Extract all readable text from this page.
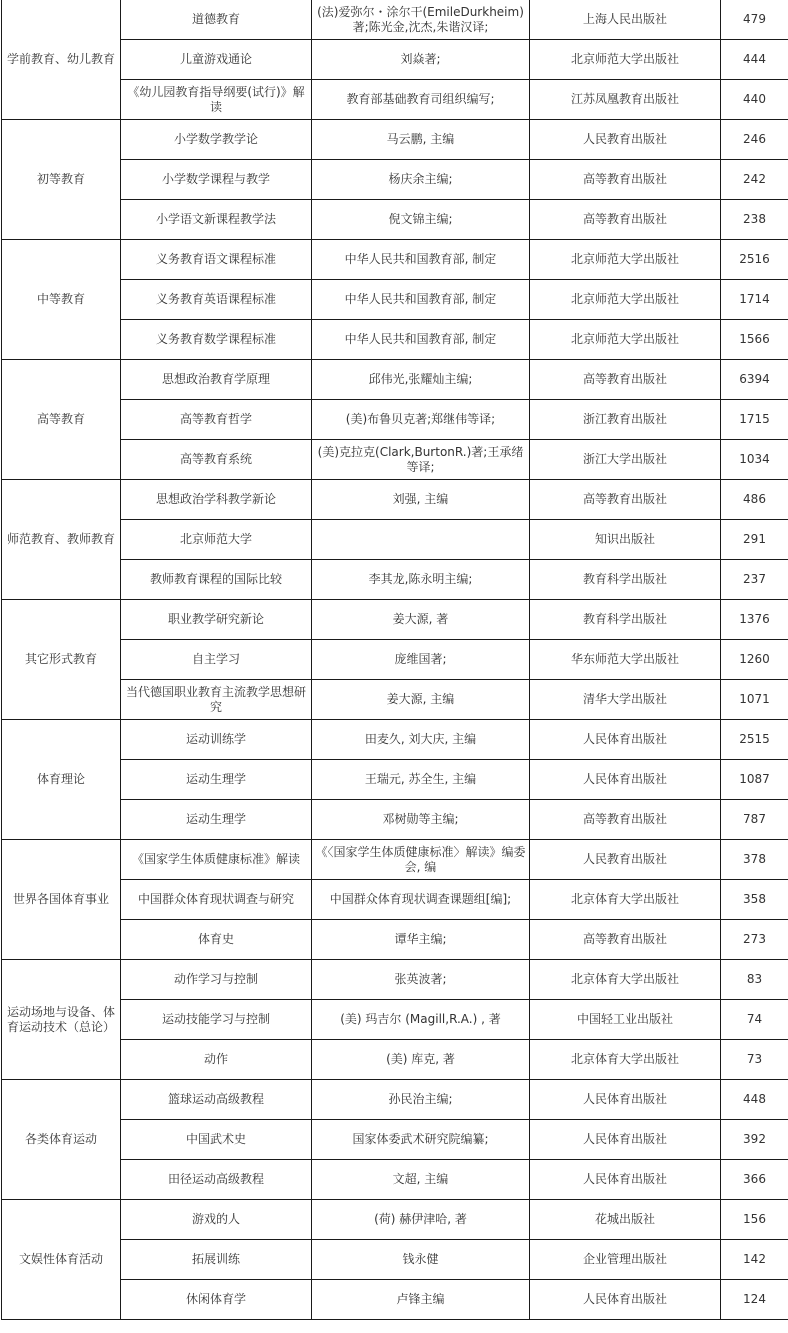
学前教育、幼儿教育	道德教育	(法)爱弥尔・涂尔干(EmileDurkheim)著;陈光金,沈杰,朱谐汉译;	上海人民出版社	479
	儿童游戏通论	刘焱著;	北京师范大学出版社	444
	《幼儿园教育指导纲要(试行)》解读	教育部基础教育司组织编写;	江苏凤凰教育出版社	440
初等教育	小学数学教学论	马云鹏, 主编	人民教育出版社	246
	小学数学课程与教学	杨庆余主编;	高等教育出版社	242
	小学语文新课程教学法	倪文锦主编;	高等教育出版社	238
中等教育	义务教育语文课程标准	中华人民共和国教育部, 制定	北京师范大学出版社	2516
	义务教育英语课程标准	中华人民共和国教育部, 制定	北京师范大学出版社	1714
	义务教育数学课程标准	中华人民共和国教育部, 制定	北京师范大学出版社	1566
高等教育	思想政治教育学原理	邱伟光,张耀灿主编;	高等教育出版社	6394
	高等教育哲学	(美)布鲁贝克著;郑继伟等译;	浙江教育出版社	1715
	高等教育系统	(美)克拉克(Clark,BurtonR.)著;王承绪等译;	浙江大学出版社	1034
师范教育、教师教育	思想政治学科教学新论	刘强, 主编	高等教育出版社	486
	北京师范大学		知识出版社	291
	教师教育课程的国际比较	李其龙,陈永明主编;	教育科学出版社	237
其它形式教育	职业教学研究新论	姜大源, 著	教育科学出版社	1376
	自主学习	庞维国著;	华东师范大学出版社	1260
	当代德国职业教育主流教学思想研究	姜大源, 主编	清华大学出版社	1071
体育理论	运动训练学	田麦久, 刘大庆, 主编	人民体育出版社	2515
	运动生理学	王瑞元, 苏全生, 主编	人民体育出版社	1087
	运动生理学	邓树勋等主编;	高等教育出版社	787
世界各国体育事业	《国家学生体质健康标准》解读	《〈国家学生体质健康标准〉解读》编委会, 编	人民教育出版社	378
	中国群众体育现状调查与研究	中国群众体育现状调查课题组[编];	北京体育大学出版社	358
	体育史	谭华主编;	高等教育出版社	273
运动场地与设备、体育运动技术（总论）	动作学习与控制	张英波著;	北京体育大学出版社	83
	运动技能学习与控制	(美) 玛吉尔 (Magill,R.A.) , 著	中国轻工业出版社	74
	动作	(美) 库克, 著	北京体育大学出版社	73
各类体育运动	篮球运动高级教程	孙民治主编;	人民体育出版社	448
	中国武术史	国家体委武术研究院编纂;	人民体育出版社	392
	田径运动高级教程	文超, 主编	人民体育出版社	366
文娱性体育活动	游戏的人	(荷) 赫伊津哈, 著	花城出版社	156
	拓展训练	钱永健	企业管理出版社	142
	休闲体育学	卢锋主编	人民体育出版社	124
